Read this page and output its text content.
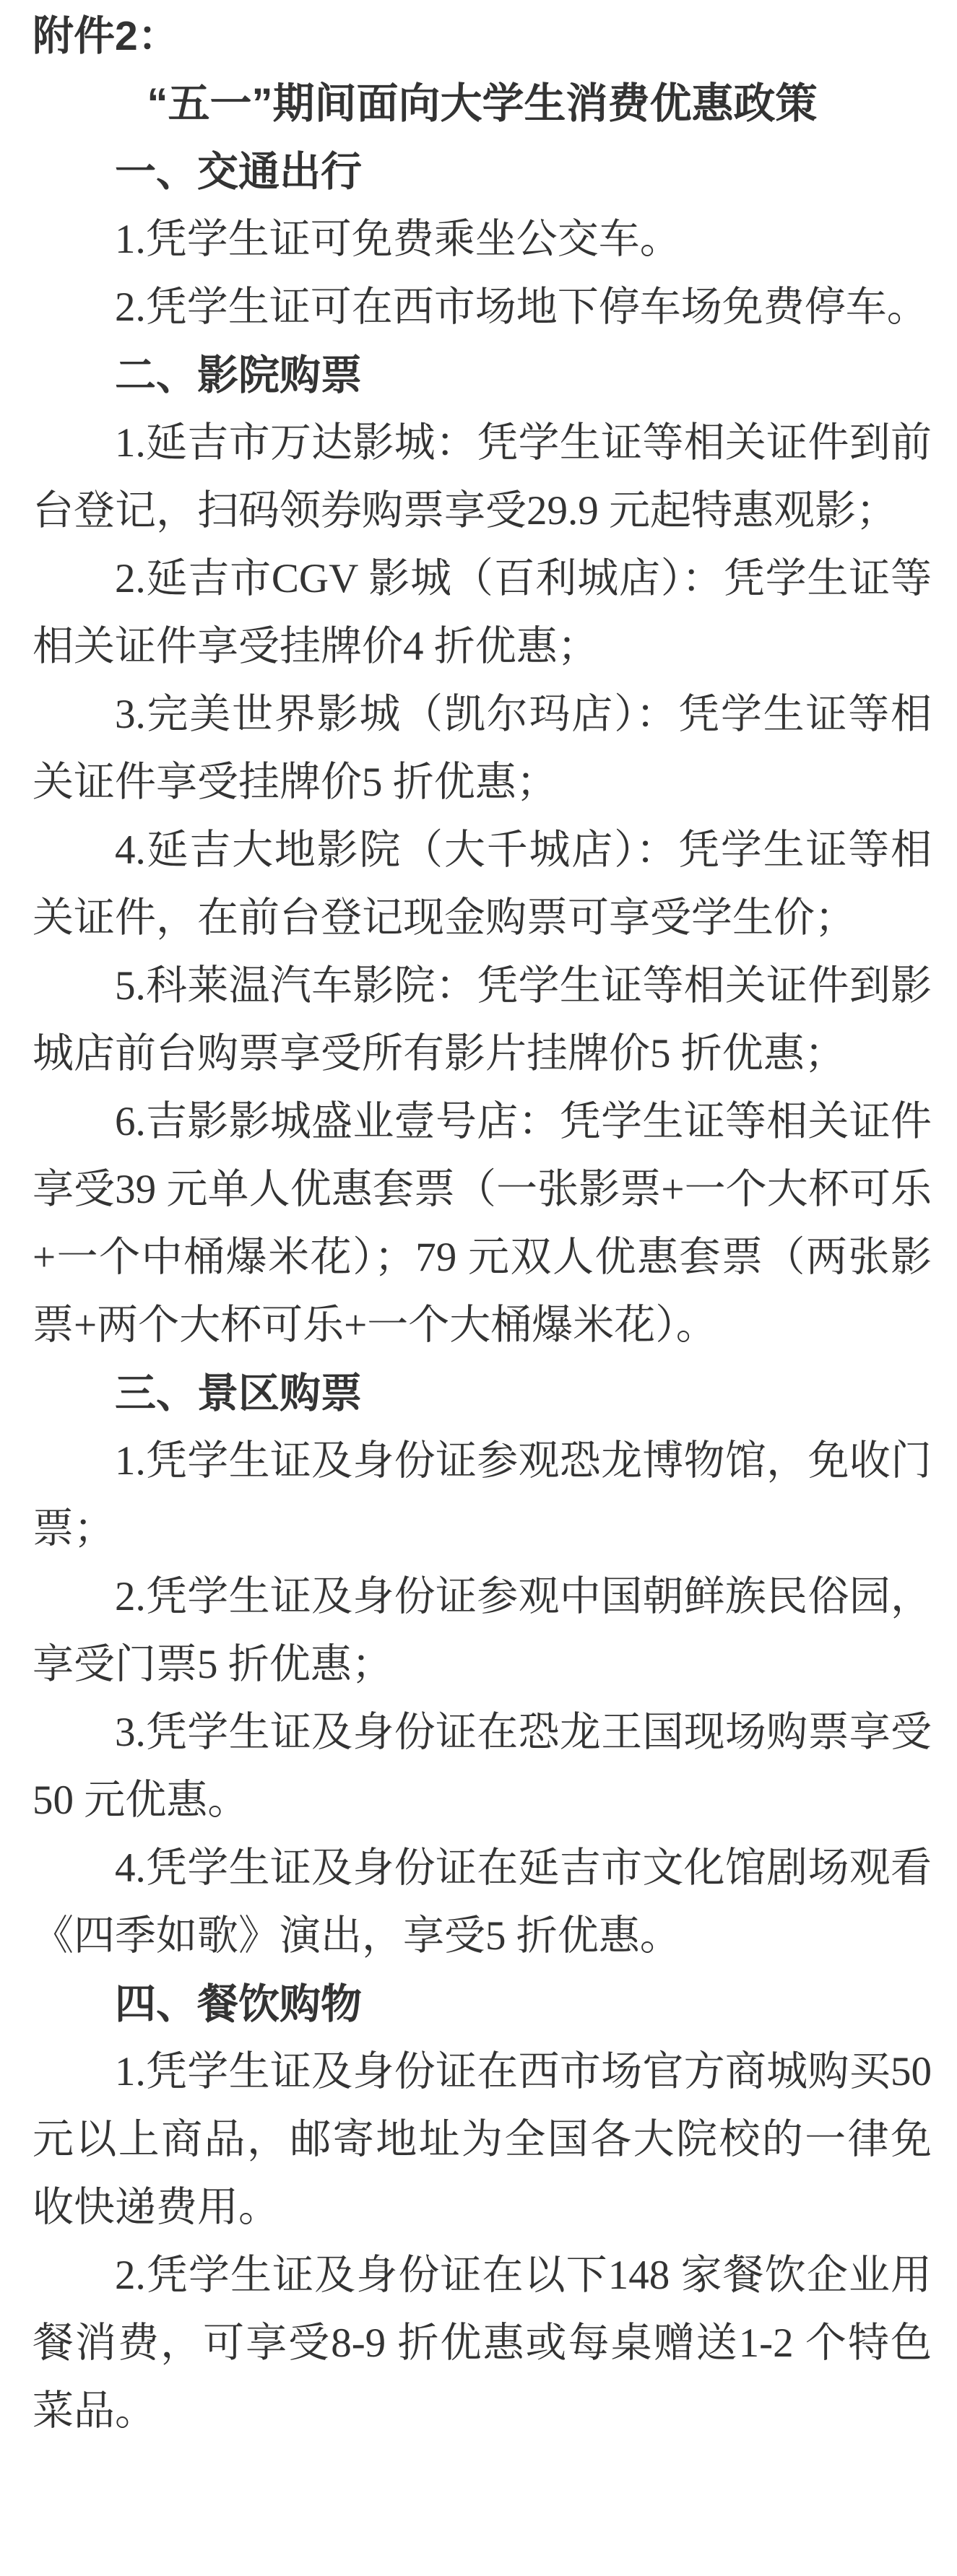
附件2：

“五一”期间面向大学生消费优惠政策
一、交通出行

1.凭学生证可免费乘坐公交车。

2.凭学生证可在西市场地下停车场免费停车。

二、影院购票

1.延吉市万达影城：凭学生证等相关证件到前台登记，扫码领券购票享受29.9 元起特惠观影；

2.延吉市CGV 影城（百利城店）：凭学生证等相关证件享受挂牌价4 折优惠；

3.完美世界影城（凯尔玛店）：凭学生证等相关证件享受挂牌价5 折优惠；

4.延吉大地影院（大千城店）：凭学生证等相关证件，在前台登记现金购票可享受学生价；

5.科莱温汽车影院：凭学生证等相关证件到影城店前台购票享受所有影片挂牌价5 折优惠；

6.吉影影城盛业壹号店：凭学生证等相关证件享受39 元单人优惠套票（一张影票+一个大杯可乐+一个中桶爆米花）；79 元双人优惠套票（两张影票+两个大杯可乐+一个大桶爆米花）。

三、景区购票

1.凭学生证及身份证参观恐龙博物馆，免收门票；

2.凭学生证及身份证参观中国朝鲜族民俗园，享受门票5 折优惠；

3.凭学生证及身份证在恐龙王国现场购票享受50 元优惠。

4.凭学生证及身份证在延吉市文化馆剧场观看《四季如歌》演出，享受5 折优惠。

四、餐饮购物

1.凭学生证及身份证在西市场官方商城购买50 元以上商品，邮寄地址为全国各大院校的一律免收快递费用。

2.凭学生证及身份证在以下148 家餐饮企业用餐消费，可享受8-9 折优惠或每桌赠送1-2 个特色菜品。
